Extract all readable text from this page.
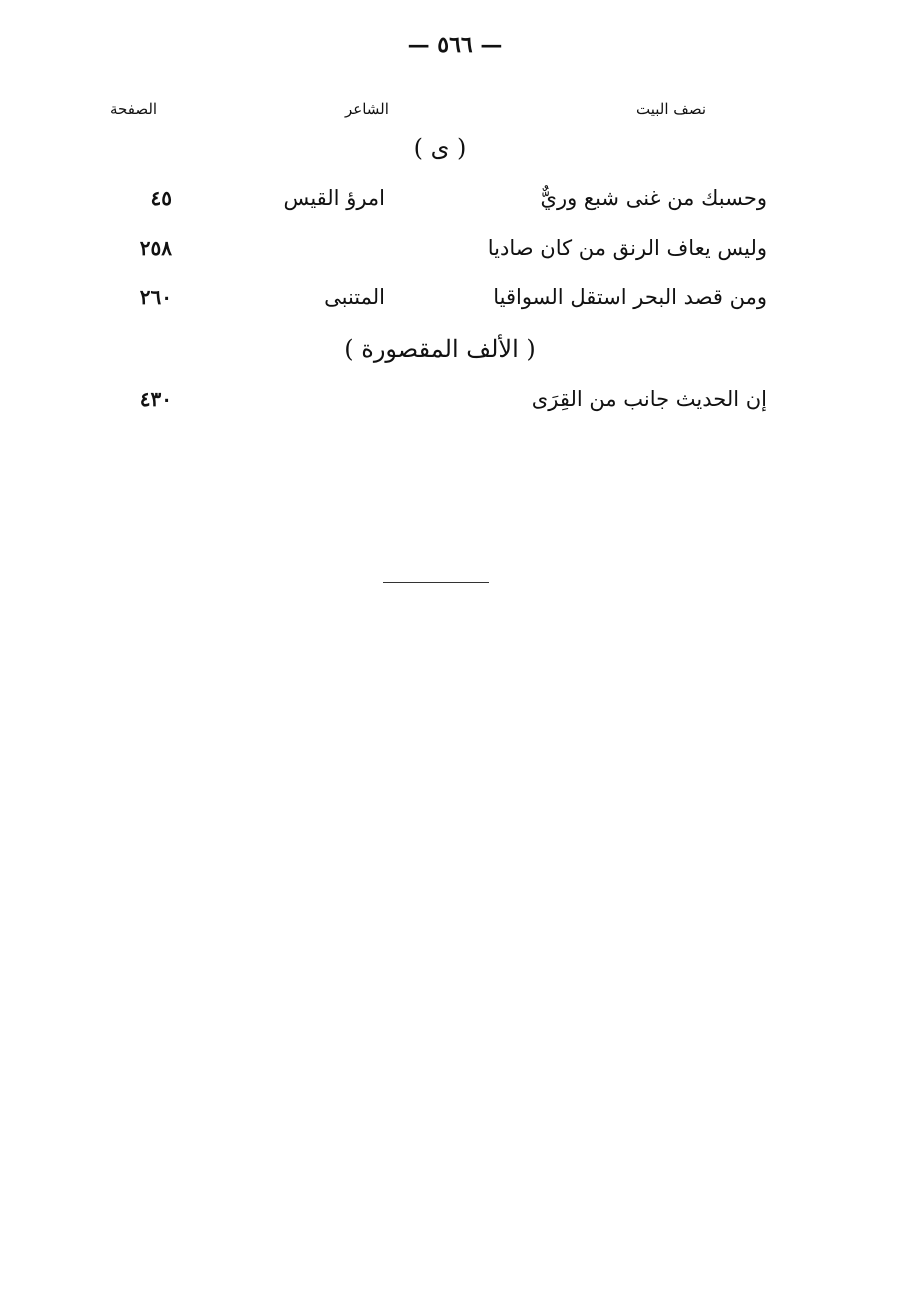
— ٥٦٦ —
نصف البيت
الشاعر
الصفحة
( ى )
وحسبك من غنى شبع وريٌّ
امرؤ القيس
٤٥
وليس يعاف الرنق من كان صاديا
٢٥٨
ومن قصد البحر استقل السواقيا
المتنبى
٢٦٠
( الألف المقصورة )
إن الحديث جانب من القِرَى
٤٣٠
